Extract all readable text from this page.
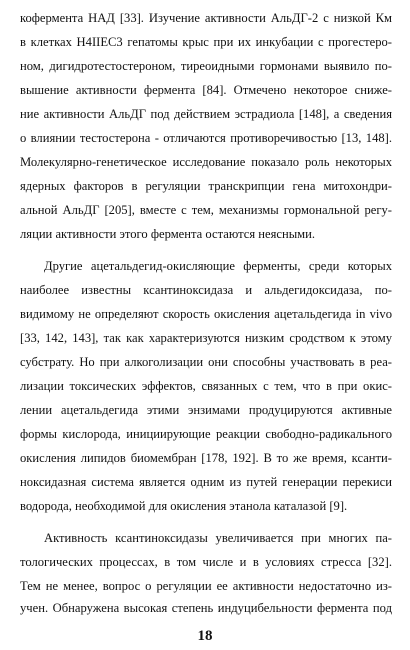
кофермента НАД [33]. Изучение активности АльДГ-2 с низкой Км
в клетках H4IIEC3 гепатомы крыс при их инкубации с прогестеро-
ном, дигидротестостероном, тиреоидными гормонами выявило по-
вышение активности фермента [84]. Отмечено некоторое сниже-
ние активности АльДГ под действием эстрадиола [148], а сведения
о влиянии тестостерона - отличаются противоречивостью [13, 148].
Молекулярно-генетическое исследование показало роль некоторых
ядерных факторов в регуляции транскрипции гена митохондри-
альной АльДГ [205], вместе с тем, механизмы гормональной регу-
ляции активности этого фермента остаются неясными.
Другие ацетальдегид-окисляющие ферменты, среди которых
наиболее известны ксантиноксидаза и альдегидоксидаза, по-
видимому не определяют скорость окисления ацетальдегида in vivo
[33, 142, 143], так как характеризуются низким сродством к этому
субстрату. Но при алкоголизации они способны участвовать в реа-
лизации токсических эффектов, связанных с тем, что в при окис-
лении ацетальдегида этими энзимами продуцируются активные
формы кислорода, инициирующие реакции свободно-радикального
окисления липидов биомембран [178, 192]. В то же время, ксанти-
ноксидазная система является одним из путей генерации перекиси
водорода, необходимой для окисления этанола каталазой [9].
Активность ксантиноксидазы увеличивается при многих па-
тологических процессах, в том числе и в условиях стресса [32].
Тем не менее, вопрос о регуляции ее активности недостаточно из-
учен. Обнаружена высокая степень индуцибельности фермента под
18
